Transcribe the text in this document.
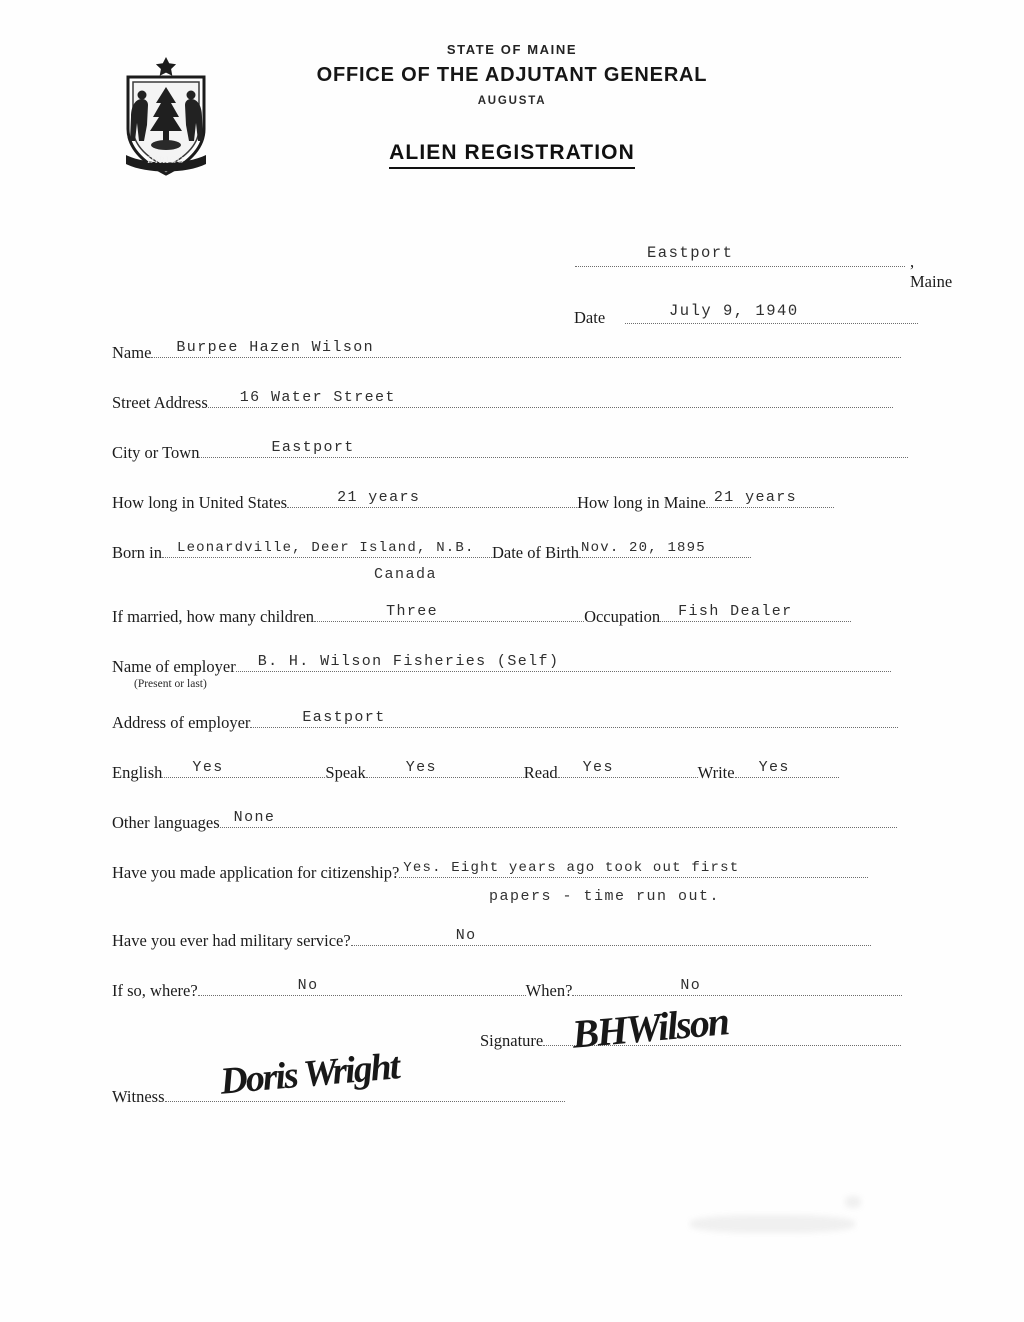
DIRIGO
STATE OF MAINE
OFFICE OF THE ADJUTANT GENERAL
AUGUSTA
ALIEN REGISTRATION
Eastport	, Maine
Date	July 9, 1940
Name Burpee Hazen Wilson
Street Address 16 Water Street
City or Town	Eastport
How long in United States	21 years	How long in Maine 21 years
Born in Leonardville, Deer Island, N.B. Date of Birth Nov. 20, 1895
Canada
If married, how many children	Three	Occupation Fish Dealer
Name of employer B. H. Wilson Fisheries (Self)
(Present or last)
Address of employer	Eastport
English Yes	Speak	Yes	Read Yes	Write Yes
Other languages None
Have you made application for citizenship? Yes. Eight years ago took out first
papers - time run out.
Have you ever had military service?	No
If so, where?	No	When?	No
Signature BHWilson
Witness Doris Wright
